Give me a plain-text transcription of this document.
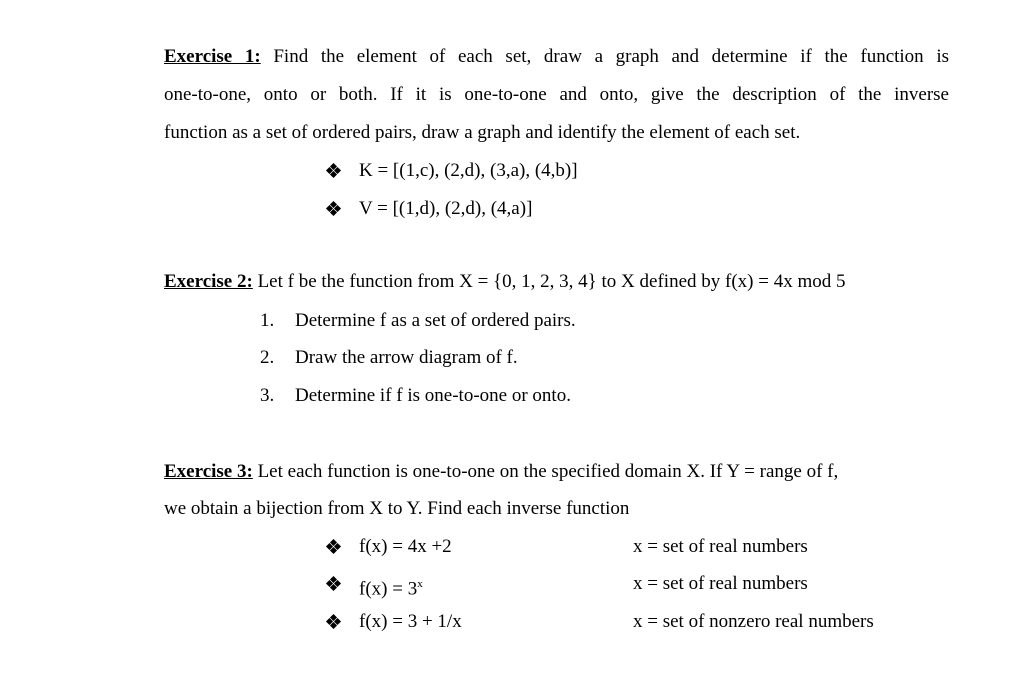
Exercise 1: Find the element of each set, draw a graph and determine if the function is
one-to-one, onto or both. If it is one-to-one and onto, give the description of the inverse
function as a set of ordered pairs, draw a graph and identify the element of each set.
K = [(1,c), (2,d), (3,a), (4,b)]
V = [(1,d), (2,d), (4,a)]
Exercise 2: Let f be the function from X = {0, 1, 2, 3, 4} to X defined by f(x) = 4x mod 5
1. Determine f as a set of ordered pairs.
2. Draw the arrow diagram of f.
3. Determine if f is one-to-one or onto.
Exercise 3: Let each function is one-to-one on the specified domain X. If Y = range of f,
we obtain a bijection from X to Y. Find each inverse function
f(x) = 4x +2	x = set of real numbers
$f(x) = 3^x$	x = set of real numbers
f(x) = 3 + 1/x	x = set of nonzero real numbers
